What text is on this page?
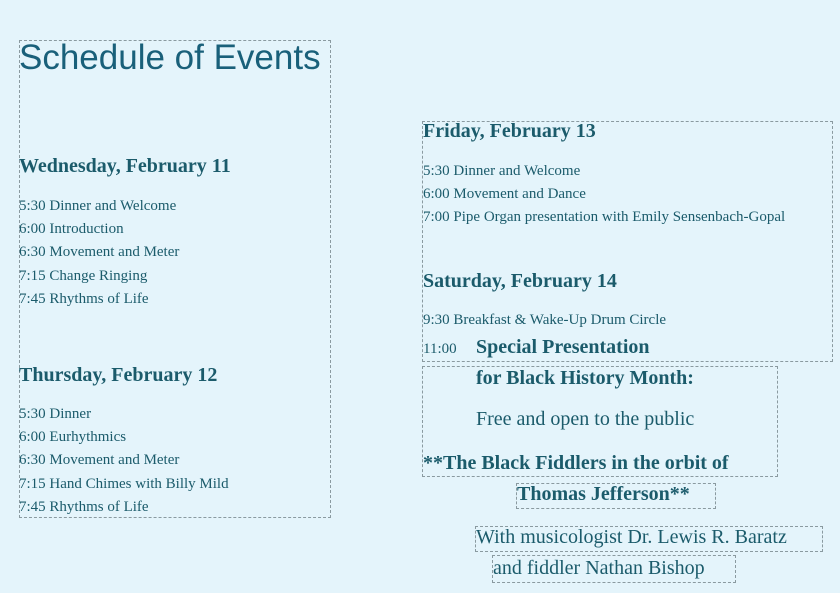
Schedule of Events
Wednesday, February 11
5:30 Dinner and Welcome
6:00 Introduction
6:30 Movement and Meter
7:15 Change Ringing
7:45 Rhythms of Life
Thursday, February 12
5:30 Dinner
6:00 Eurhythmics
6:30 Movement and Meter
7:15 Hand Chimes with Billy Mild
7:45 Rhythms of Life
Friday, February 13
5:30 Dinner and Welcome
6:00 Movement and Dance
7:00 Pipe Organ presentation with Emily Sensenbach-Gopal
Saturday, February 14
9:30 Breakfast & Wake-Up Drum Circle
11:00 Special Presentation
for Black History Month:
Free and open to the public
**The Black Fiddlers in the orbit of
Thomas Jefferson**
With musicologist Dr. Lewis R. Baratz
and fiddler Nathan Bishop
